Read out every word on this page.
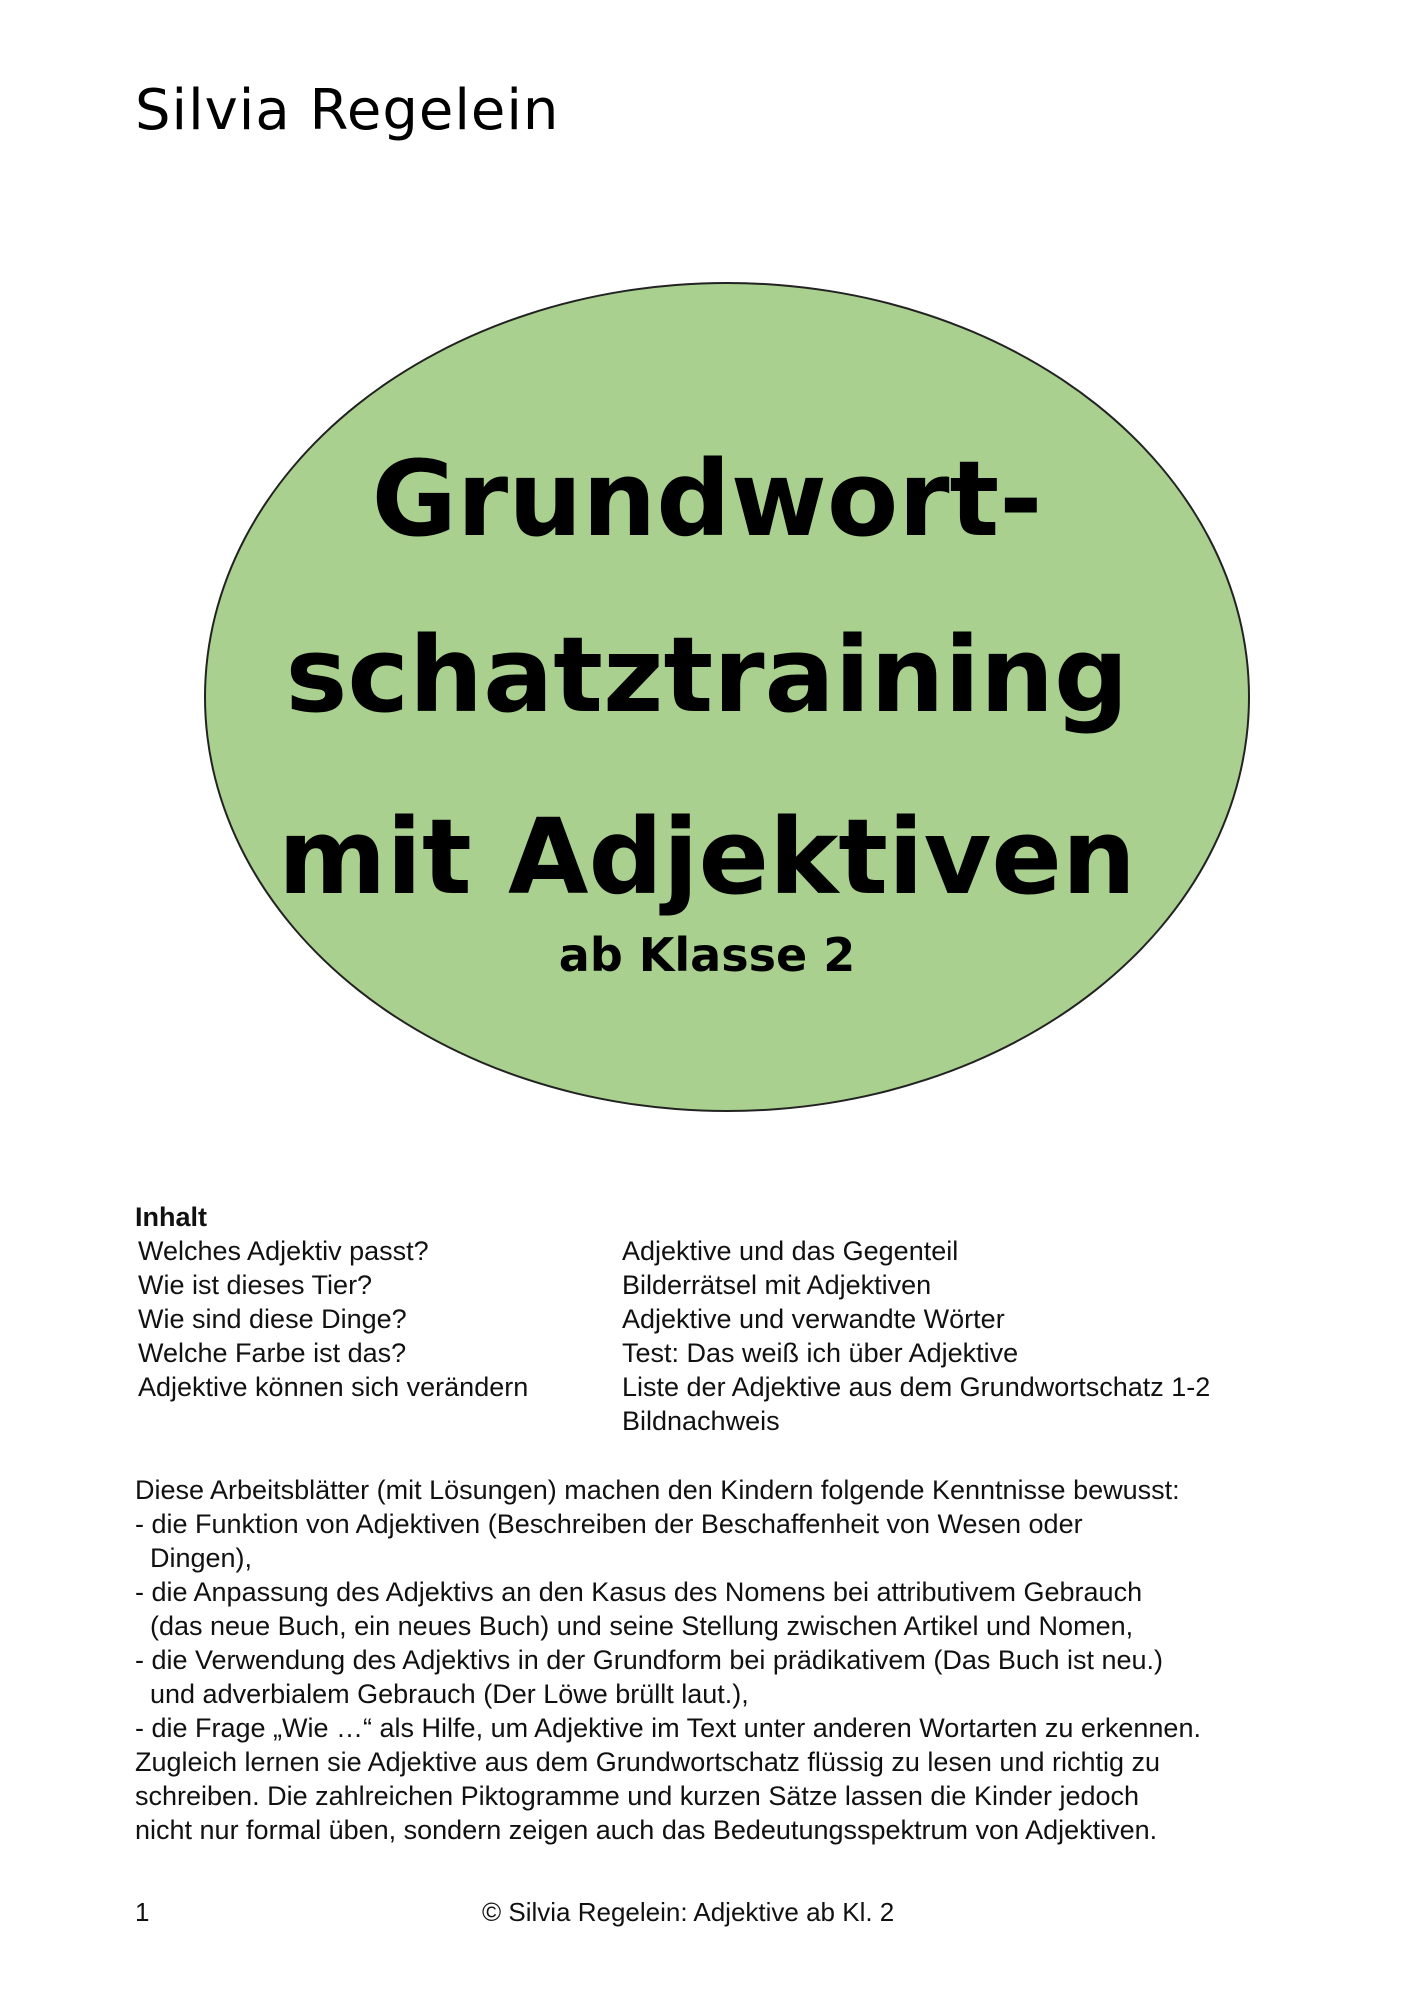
Silvia Regelein
Grundwort-
schatztraining
mit Adjektiven
ab Klasse 2
Inhalt
Welches Adjektiv passt?
Wie ist dieses Tier?
Wie sind diese Dinge?
Welche Farbe ist das?
Adjektive können sich verändern
Adjektive und das Gegenteil
Bilderrätsel mit Adjektiven
Adjektive und verwandte Wörter
Test: Das weiß ich über Adjektive
Liste der Adjektive aus dem Grundwortschatz 1-2
Bildnachweis
Diese Arbeitsblätter (mit Lösungen) machen den Kindern folgende Kenntnisse bewusst:
- die Funktion von Adjektiven (Beschreiben der Beschaffenheit von Wesen oder
Dingen),
- die Anpassung des Adjektivs an den Kasus des Nomens bei attributivem Gebrauch
(das neue Buch, ein neues Buch) und seine Stellung zwischen Artikel und Nomen,
- die Verwendung des Adjektivs in der Grundform bei prädikativem (Das Buch ist neu.)
und adverbialem Gebrauch (Der Löwe brüllt laut.),
- die Frage „Wie …“ als Hilfe, um Adjektive im Text unter anderen Wortarten zu erkennen.
Zugleich lernen sie Adjektive aus dem Grundwortschatz flüssig zu lesen und richtig zu
schreiben. Die zahlreichen Piktogramme und kurzen Sätze lassen die Kinder jedoch
nicht nur formal üben, sondern zeigen auch das Bedeutungsspektrum von Adjektiven.
1	© Silvia Regelein: Adjektive ab Kl. 2
